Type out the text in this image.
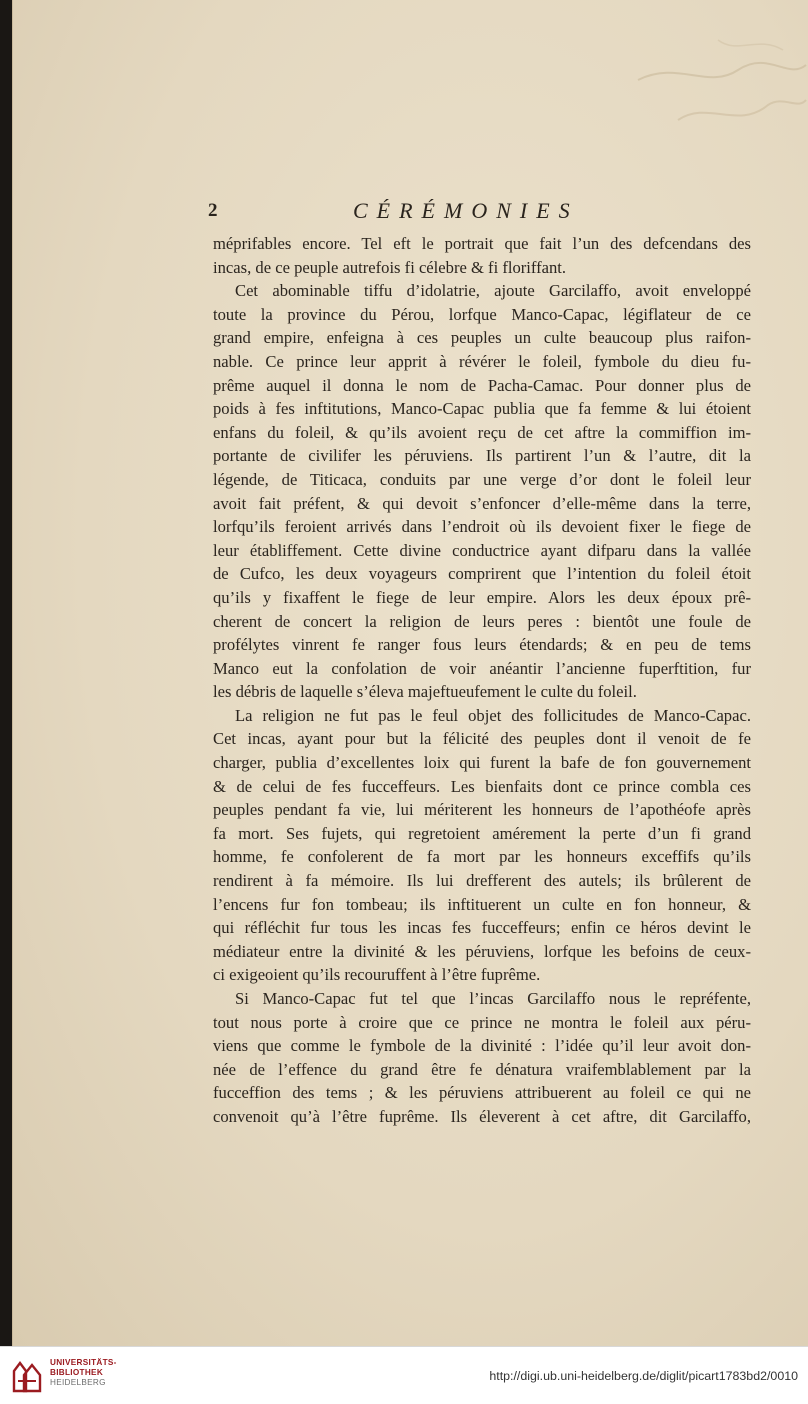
2	CÉRÉMONIES
méprifables encore. Tel eft le portrait que fait l’un des defcendans des
incas, de ce peuple autrefois fi célebre & fi floriffant.
Cet abominable tiffu d’idolatrie, ajoute Garcilaffo, avoit enveloppé
toute la province du Pérou, lorfque Manco-Capac, légiflateur de ce
grand empire, enfeigna à ces peuples un culte beaucoup plus raifon-
nable. Ce prince leur apprit à révérer le foleil, fymbole du dieu fu-
prême auquel il donna le nom de Pacha-Camac. Pour donner plus de
poids à fes inftitutions, Manco-Capac publia que fa femme & lui étoient
enfans du foleil, & qu’ils avoient reçu de cet aftre la commiffion im-
portante de civilifer les péruviens. Ils partirent l’un & l’autre, dit la
légende, de Titicaca, conduits par une verge d’or dont le foleil leur
avoit fait préfent, & qui devoit s’enfoncer d’elle-même dans la terre,
lorfqu’ils feroient arrivés dans l’endroit où ils devoient fixer le fiege de
leur établiffement. Cette divine conductrice ayant difparu dans la vallée
de Cufco, les deux voyageurs comprirent que l’intention du foleil étoit
qu’ils y fixaffent le fiege de leur empire. Alors les deux époux prê-
cherent de concert la religion de leurs peres : bientôt une foule de
profélytes vinrent fe ranger fous leurs étendards; & en peu de tems
Manco eut la confolation de voir anéantir l’ancienne fuperftition, fur
les débris de laquelle s’éleva majeftueufement le culte du foleil.
La religion ne fut pas le feul objet des follicitudes de Manco-Capac.
Cet incas, ayant pour but la félicité des peuples dont il venoit de fe
charger, publia d’excellentes loix qui furent la bafe de fon gouvernement
& de celui de fes fucceffeurs. Les bienfaits dont ce prince combla ces
peuples pendant fa vie, lui mériterent les honneurs de l’apothéofe après
fa mort. Ses fujets, qui regretoient amérement la perte d’un fi grand
homme, fe confolerent de fa mort par les honneurs exceffifs qu’ils
rendirent à fa mémoire. Ils lui drefferent des autels; ils brûlerent de
l’encens fur fon tombeau; ils inftituerent un culte en fon honneur, &
qui réfléchit fur tous les incas fes fucceffeurs; enfin ce héros devint le
médiateur entre la divinité & les péruviens, lorfque les befoins de ceux-
ci exigeoient qu’ils recouruffent à l’être fuprême.
Si Manco-Capac fut tel que l’incas Garcilaffo nous le repréfente,
tout nous porte à croire que ce prince ne montra le foleil aux péru-
viens que comme le fymbole de la divinité : l’idée qu’il leur avoit don-
née de l’effence du grand être fe dénatura vraifemblablement par la
fucceffion des tems ; & les péruviens attribuerent au foleil ce qui ne
convenoit qu’à l’être fuprême. Ils éleverent à cet aftre, dit Garcilaffo,
UNIVERSITÄTS-
BIBLIOTHEK
HEIDELBERG	http://digi.ub.uni-heidelberg.de/diglit/picart1783bd2/0010
